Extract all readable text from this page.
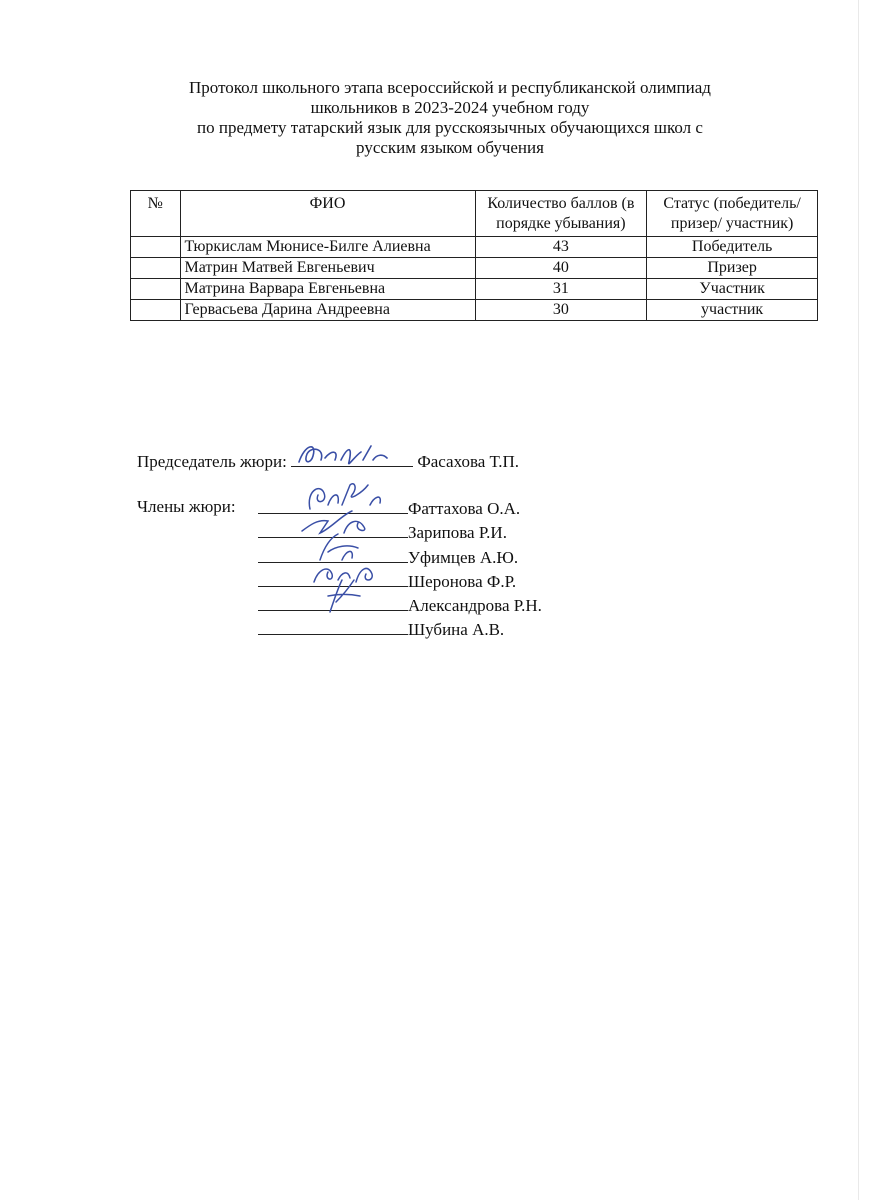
Протокол школьного этапа всероссийской и республиканской олимпиад
школьников в 2023-2024 учебном году
по предмету татарский язык для русскоязычных обучающихся школ с
русским языком обучения
№	ФИО	Количество баллов (в порядке убывания)	Статус (победитель/ призер/ участник)
	Тюркислам Мюнисе-Билге Алиевна	43	Победитель
	Матрин Матвей Евгеньевич	40	Призер
	Матрина Варвара Евгеньевна	31	Участник
	Гервасьева Дарина Андреевна	30	участник
Председатель жюри:	Фасахова Т.П.
Члены жюри:	Фаттахова О.А.
Зарипова Р.И.
Уфимцев А.Ю.
Шеронова Ф.Р.
Александрова Р.Н.
Шубина А.В.
